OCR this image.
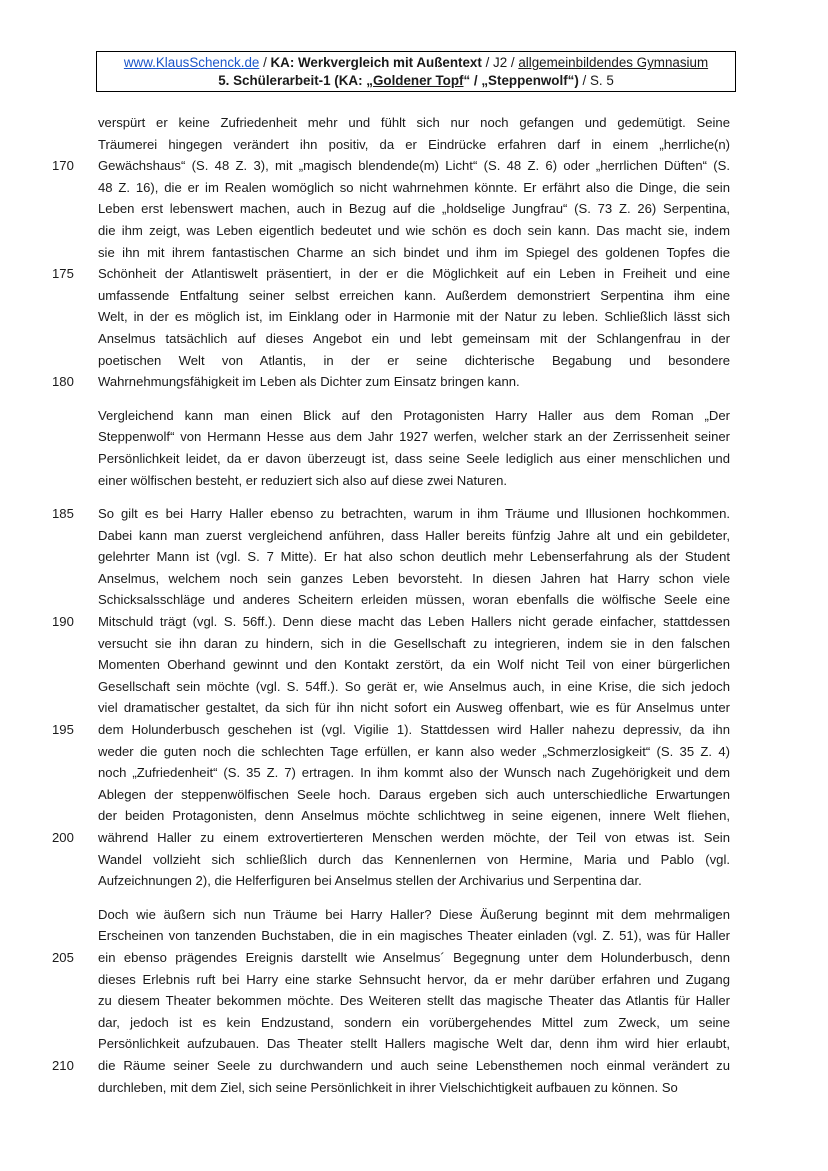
www.KlausSchenck.de / KA: Werkvergleich mit Außentext / J2 / allgemeinbildendes Gymnasium
5. Schülerarbeit-1 (KA: „Goldener Topf“ / „Steppenwolf“) / S. 5
verspürt er keine Zufriedenheit mehr und fühlt sich nur noch gefangen und gedemütigt. Seine
Träumerei hingegen verändert ihn positiv, da er Eindrücke erfahren darf in einem „herrliche(n)
170	Gewächshaus“ (S. 48 Z. 3), mit „magisch blendende(m) Licht“ (S. 48 Z. 6) oder „herrlichen Düften“ (S.
48 Z. 16), die er im Realen womöglich so nicht wahrnehmen könnte. Er erfährt also die Dinge, die sein
Leben erst lebenswert machen, auch in Bezug auf die „holdselige Jungfrau“ (S. 73 Z. 26) Serpentina,
die ihm zeigt, was Leben eigentlich bedeutet und wie schön es doch sein kann. Das macht sie, indem
sie ihn mit ihrem fantastischen Charme an sich bindet und ihm im Spiegel des goldenen Topfes die
175	Schönheit der Atlantiswelt präsentiert, in der er die Möglichkeit auf ein Leben in Freiheit und eine
umfassende Entfaltung seiner selbst erreichen kann. Außerdem demonstriert Serpentina ihm eine
Welt, in der es möglich ist, im Einklang oder in Harmonie mit der Natur zu leben. Schließlich lässt sich
Anselmus tatsächlich auf dieses Angebot ein und lebt gemeinsam mit der Schlangenfrau in der
poetischen Welt von Atlantis, in der er seine dichterische Begabung und besondere
180	Wahrnehmungsfähigkeit im Leben als Dichter zum Einsatz bringen kann.
Vergleichend kann man einen Blick auf den Protagonisten Harry Haller aus dem Roman „Der
Steppenwolf“ von Hermann Hesse aus dem Jahr 1927 werfen, welcher stark an der Zerrissenheit seiner
Persönlichkeit leidet, da er davon überzeugt ist, dass seine Seele lediglich aus einer menschlichen und
einer wölfischen besteht, er reduziert sich also auf diese zwei Naturen.
185	So gilt es bei Harry Haller ebenso zu betrachten, warum in ihm Träume und Illusionen hochkommen.
Dabei kann man zuerst vergleichend anführen, dass Haller bereits fünfzig Jahre alt und ein gebildeter,
gelehrter Mann ist (vgl. S. 7 Mitte). Er hat also schon deutlich mehr Lebenserfahrung als der Student
Anselmus, welchem noch sein ganzes Leben bevorsteht. In diesen Jahren hat Harry schon viele
Schicksalsschläge und anderes Scheitern erleiden müssen, woran ebenfalls die wölfische Seele eine
190	Mitschuld trägt (vgl. S. 56ff.). Denn diese macht das Leben Hallers nicht gerade einfacher, stattdessen
versucht sie ihn daran zu hindern, sich in die Gesellschaft zu integrieren, indem sie in den falschen
Momenten Oberhand gewinnt und den Kontakt zerstört, da ein Wolf nicht Teil von einer bürgerlichen
Gesellschaft sein möchte (vgl. S. 54ff.). So gerät er, wie Anselmus auch, in eine Krise, die sich jedoch
viel dramatischer gestaltet, da sich für ihn nicht sofort ein Ausweg offenbart, wie es für Anselmus unter
195	dem Holunderbusch geschehen ist (vgl. Vigilie 1). Stattdessen wird Haller nahezu depressiv, da ihn
weder die guten noch die schlechten Tage erfüllen, er kann also weder „Schmerzlosigkeit“ (S. 35 Z. 4)
noch „Zufriedenheit“ (S. 35 Z. 7) ertragen. In ihm kommt also der Wunsch nach Zugehörigkeit und dem
Ablegen der steppenwölfischen Seele hoch. Daraus ergeben sich auch unterschiedliche Erwartungen
der beiden Protagonisten, denn Anselmus möchte schlichtweg in seine eigenen, innere Welt fliehen,
200	während Haller zu einem extrovertierteren Menschen werden möchte, der Teil von etwas ist. Sein
Wandel vollzieht sich schließlich durch das Kennenlernen von Hermine, Maria und Pablo (vgl.
Aufzeichnungen 2), die Helferfiguren bei Anselmus stellen der Archivarius und Serpentina dar.
Doch wie äußern sich nun Träume bei Harry Haller? Diese Äußerung beginnt mit dem mehrmaligen
Erscheinen von tanzenden Buchstaben, die in ein magisches Theater einladen (vgl. Z. 51), was für Haller
205	ein ebenso prägendes Ereignis darstellt wie Anselmus´ Begegnung unter dem Holunderbusch, denn
dieses Erlebnis ruft bei Harry eine starke Sehnsucht hervor, da er mehr darüber erfahren und Zugang
zu diesem Theater bekommen möchte. Des Weiteren stellt das magische Theater das Atlantis für Haller
dar, jedoch ist es kein Endzustand, sondern ein vorübergehendes Mittel zum Zweck, um seine
Persönlichkeit aufzubauen. Das Theater stellt Hallers magische Welt dar, denn ihm wird hier erlaubt,
210	die Räume seiner Seele zu durchwandern und auch seine Lebensthemen noch einmal verändert zu
durchleben, mit dem Ziel, sich seine Persönlichkeit in ihrer Vielschichtigkeit aufbauen zu können. So
